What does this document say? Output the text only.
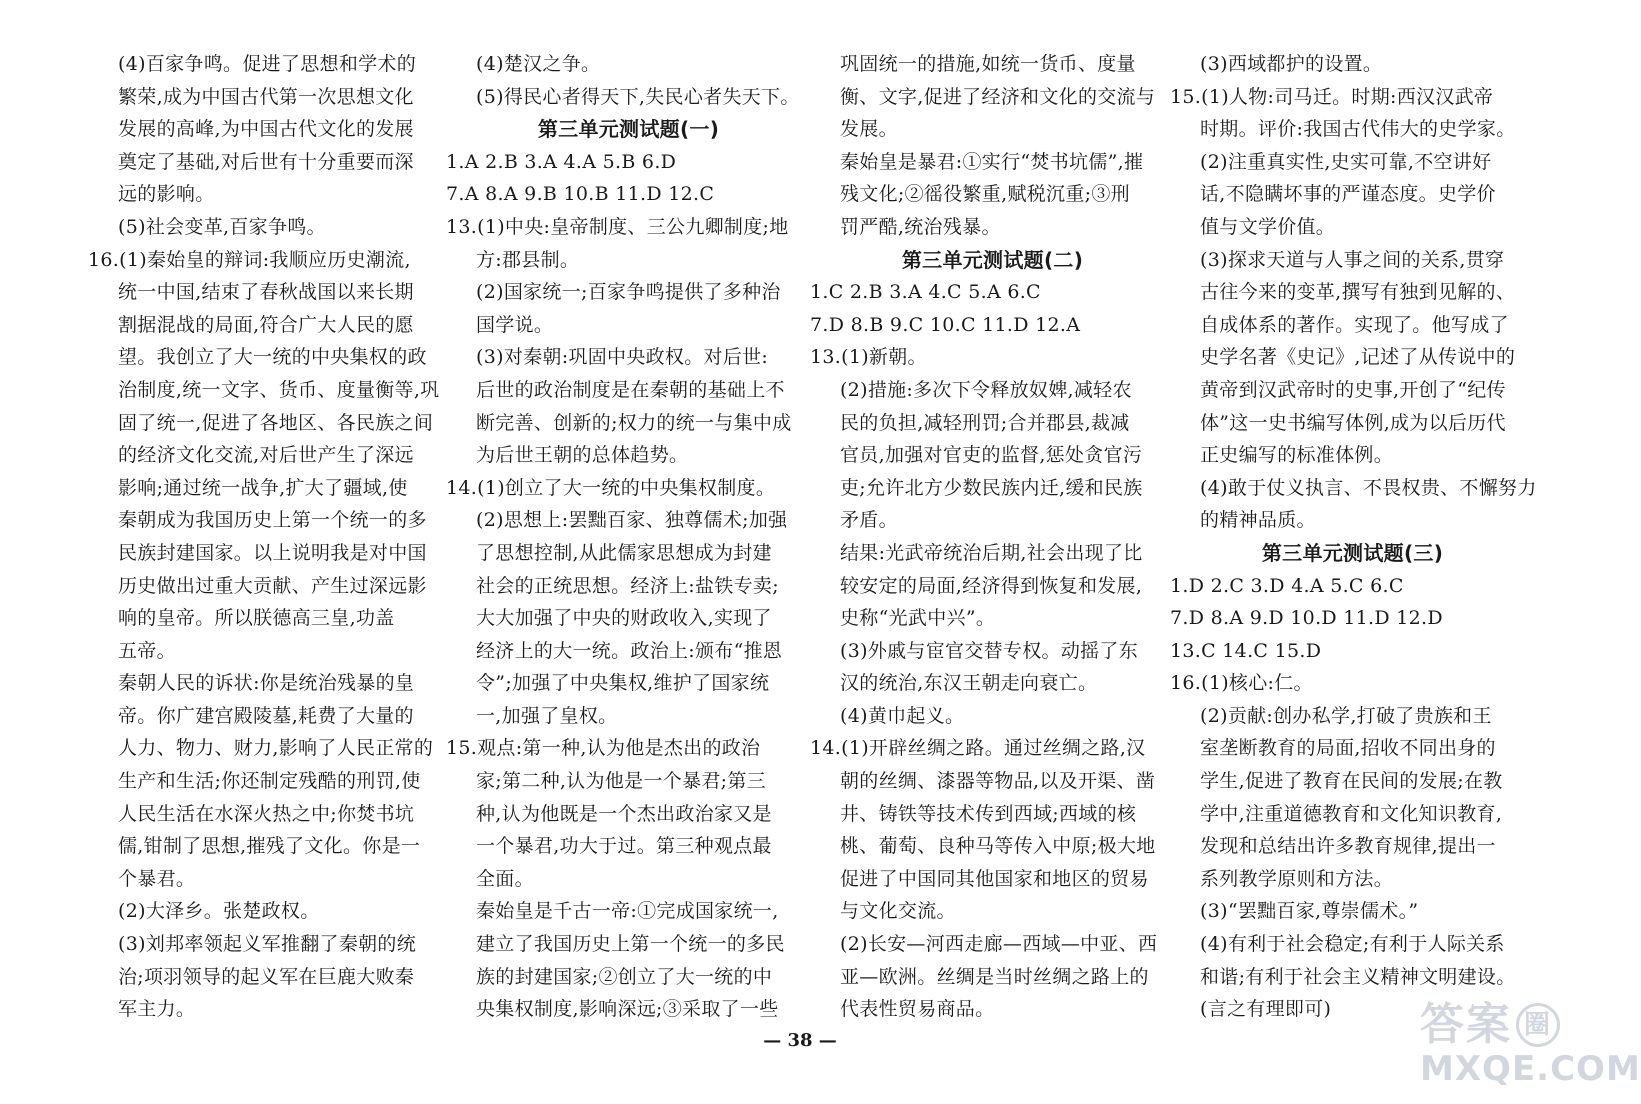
(4)百家争鸣。促进了思想和学术的
繁荣,成为中国古代第一次思想文化
发展的高峰,为中国古代文化的发展
奠定了基础,对后世有十分重要而深
远的影响。
(5)社会变革,百家争鸣。
16.(1)秦始皇的辩词:我顺应历史潮流,
统一中国,结束了春秋战国以来长期
割据混战的局面,符合广大人民的愿
望。我创立了大一统的中央集权的政
治制度,统一文字、货币、度量衡等,巩
固了统一,促进了各地区、各民族之间
的经济文化交流,对后世产生了深远
影响;通过统一战争,扩大了疆域,使
秦朝成为我国历史上第一个统一的多
民族封建国家。以上说明我是对中国
历史做出过重大贡献、产生过深远影
响的皇帝。所以朕德高三皇,功盖
五帝。
秦朝人民的诉状:你是统治残暴的皇
帝。你广建宫殿陵墓,耗费了大量的
人力、物力、财力,影响了人民正常的
生产和生活;你还制定残酷的刑罚,使
人民生活在水深火热之中;你焚书坑
儒,钳制了思想,摧残了文化。你是一
个暴君。
(2)大泽乡。张楚政权。
(3)刘邦率领起义军推翻了秦朝的统
治;项羽领导的起义军在巨鹿大败秦
军主力。
(4)楚汉之争。
(5)得民心者得天下,失民心者失天下。
第三单元测试题(一)
1.A 2.B 3.A 4.A 5.B 6.D
7.A 8.A 9.B 10.B 11.D 12.C
13.(1)中央:皇帝制度、三公九卿制度;地
方:郡县制。
(2)国家统一;百家争鸣提供了多种治
国学说。
(3)对秦朝:巩固中央政权。对后世:
后世的政治制度是在秦朝的基础上不
断完善、创新的;权力的统一与集中成
为后世王朝的总体趋势。
14.(1)创立了大一统的中央集权制度。
(2)思想上:罢黜百家、独尊儒术;加强
了思想控制,从此儒家思想成为封建
社会的正统思想。经济上:盐铁专卖;
大大加强了中央的财政收入,实现了
经济上的大一统。政治上:颁布“推恩
令”;加强了中央集权,维护了国家统
一,加强了皇权。
15.观点:第一种,认为他是杰出的政治
家;第二种,认为他是一个暴君;第三
种,认为他既是一个杰出政治家又是
一个暴君,功大于过。第三种观点最
全面。
秦始皇是千古一帝:①完成国家统一,
建立了我国历史上第一个统一的多民
族的封建国家;②创立了大一统的中
央集权制度,影响深远;③采取了一些
巩固统一的措施,如统一货币、度量
衡、文字,促进了经济和文化的交流与
发展。
秦始皇是暴君:①实行“焚书坑儒”,摧
残文化;②徭役繁重,赋税沉重;③刑
罚严酷,统治残暴。
第三单元测试题(二)
1.C 2.B 3.A 4.C 5.A 6.C
7.D 8.B 9.C 10.C 11.D 12.A
13.(1)新朝。
(2)措施:多次下令释放奴婢,减轻农
民的负担,减轻刑罚;合并郡县,裁减
官员,加强对官吏的监督,惩处贪官污
吏;允许北方少数民族内迁,缓和民族
矛盾。
结果:光武帝统治后期,社会出现了比
较安定的局面,经济得到恢复和发展,
史称“光武中兴”。
(3)外戚与宦官交替专权。动摇了东
汉的统治,东汉王朝走向衰亡。
(4)黄巾起义。
14.(1)开辟丝绸之路。通过丝绸之路,汉
朝的丝绸、漆器等物品,以及开渠、凿
井、铸铁等技术传到西域;西域的核
桃、葡萄、良种马等传入中原;极大地
促进了中国同其他国家和地区的贸易
与文化交流。
(2)长安—河西走廊—西域—中亚、西
亚—欧洲。丝绸是当时丝绸之路上的
代表性贸易商品。
(3)西域都护的设置。
15.(1)人物:司马迁。时期:西汉汉武帝
时期。评价:我国古代伟大的史学家。
(2)注重真实性,史实可靠,不空讲好
话,不隐瞒坏事的严谨态度。史学价
值与文学价值。
(3)探求天道与人事之间的关系,贯穿
古往今来的变革,撰写有独到见解的、
自成体系的著作。实现了。他写成了
史学名著《史记》,记述了从传说中的
黄帝到汉武帝时的史事,开创了“纪传
体”这一史书编写体例,成为以后历代
正史编写的标准体例。
(4)敢于仗义执言、不畏权贵、不懈努力
的精神品质。
第三单元测试题(三)
1.D 2.C 3.D 4.A 5.C 6.C
7.D 8.A 9.D 10.D 11.D 12.D
13.C 14.C 15.D
16.(1)核心:仁。
(2)贡献:创办私学,打破了贵族和王
室垄断教育的局面,招收不同出身的
学生,促进了教育在民间的发展;在教
学中,注重道德教育和文化知识教育,
发现和总结出许多教育规律,提出一
系列教学原则和方法。
(3)“罢黜百家,尊崇儒术。”
(4)有利于社会稳定;有利于人际关系
和谐;有利于社会主义精神文明建设。
(言之有理即可)
— 38 —	答案 圈
MXQE.COM
